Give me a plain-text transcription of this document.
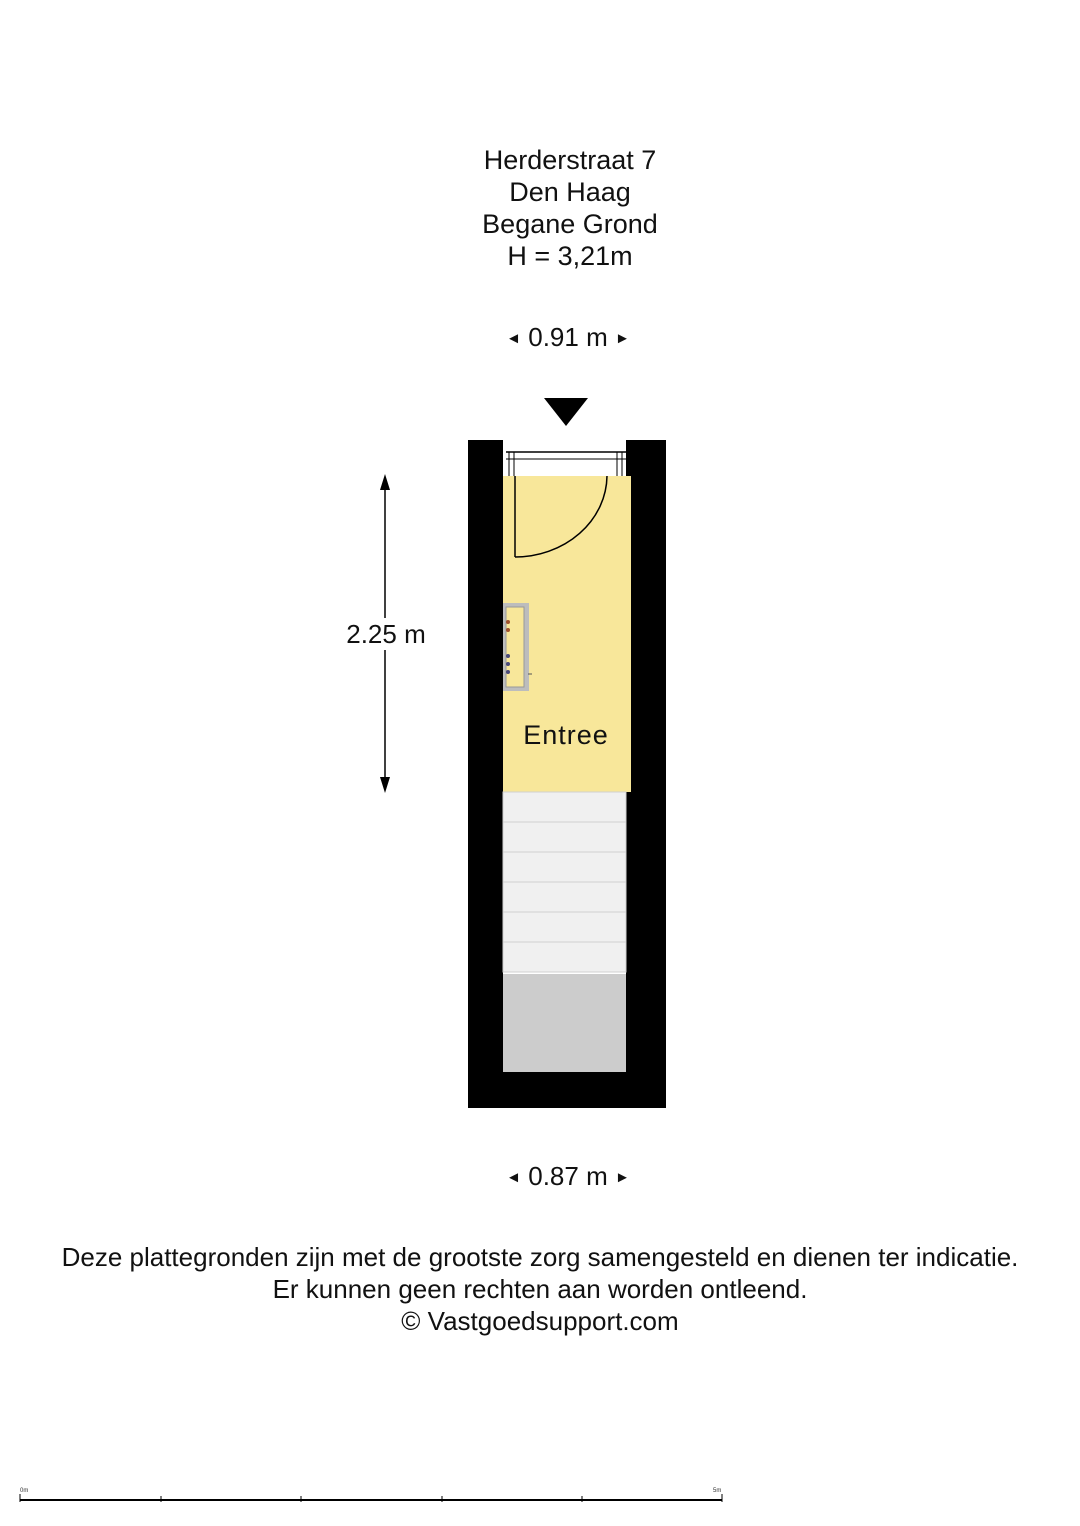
Herderstraat 7
Den Haag
Begane Grond
H = 3,21m
◄ 0.91 m ►
Entree
2.25 m
◄ 0.87 m ►
Deze plattegronden zijn met de grootste zorg samengesteld en dienen ter indicatie.
Er kunnen geen rechten aan worden ontleend.
© Vastgoedsupport.com
0m	5m
